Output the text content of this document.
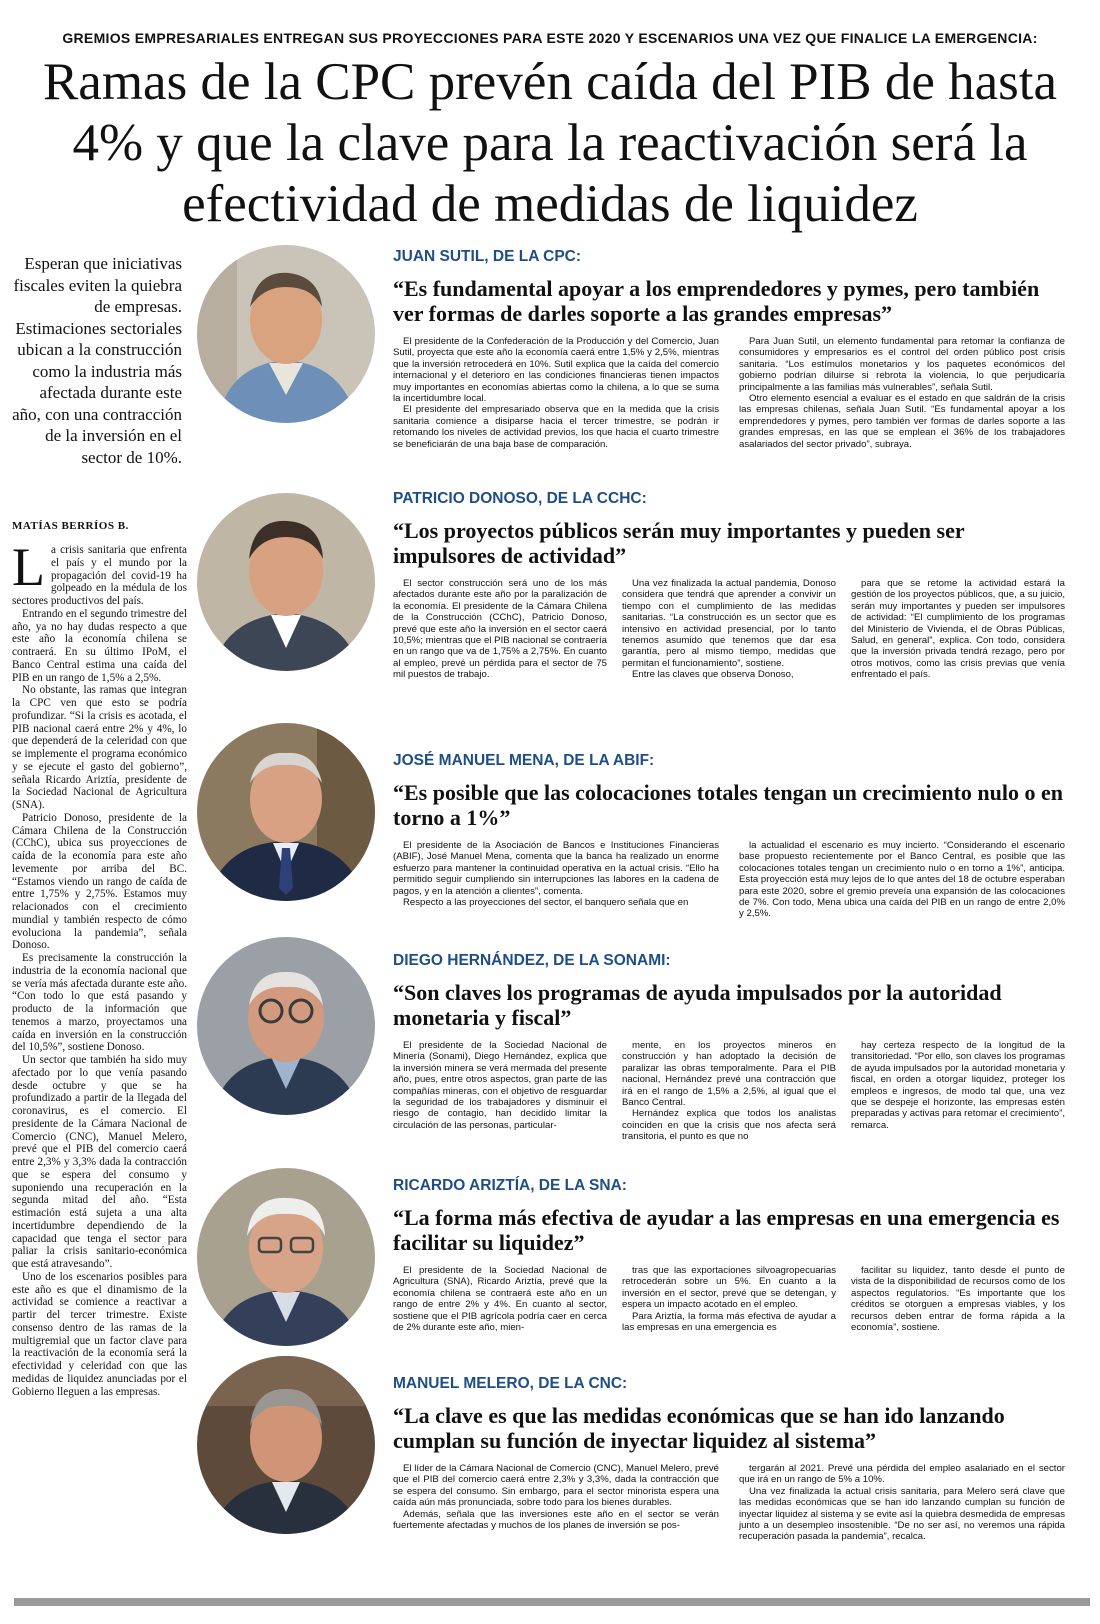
GREMIOS EMPRESARIALES ENTREGAN SUS PROYECCIONES PARA ESTE 2020 Y ESCENARIOS UNA VEZ QUE FINALICE LA EMERGENCIA:
Ramas de la CPC prevén caída del PIB de hasta 4% y que la clave para la reactivación será la efectividad de medidas de liquidez

Esperan que iniciativas fiscales eviten la quiebra de empresas. Estimaciones sectoriales ubican a la construcción como la industria más afectada durante este año, con una contracción de la inversión en el sector de 10%.

MATÍAS BERRÍOS B.

La crisis sanitaria que enfrenta el país y el mundo por la propagación del covid-19 ha golpeado en la médula de los sectores productivos del país.

Entrando en el segundo trimestre del año, ya no hay dudas respecto a que este año la economía chilena se contraerá. En su último IPoM, el Banco Central estima una caída del PIB en un rango de 1,5% a 2,5%.

No obstante, las ramas que integran la CPC ven que esto se podría profundizar. “Si la crisis es acotada, el PIB nacional caerá entre 2% y 4%, lo que dependerá de la celeridad con que se implemente el programa económico y se ejecute el gasto del gobierno”, señala Ricardo Ariztía, presidente de la Sociedad Nacional de Agricultura (SNA).

Patricio Donoso, presidente de la Cámara Chilena de la Construcción (CChC), ubica sus proyecciones de caída de la economía para este año levemente por arriba del BC. “Estamos viendo un rango de caída de entre 1,75% y 2,75%. Estamos muy relacionados con el crecimiento mundial y también respecto de cómo evoluciona la pandemia”, señala Donoso.

Es precisamente la construcción la industria de la economía nacional que se vería más afectada durante este año. “Con todo lo que está pasando y producto de la información que tenemos a marzo, proyectamos una caída en inversión en la construcción del 10,5%”, sostiene Donoso.

Un sector que también ha sido muy afectado por lo que venía pasando desde octubre y que se ha profundizado a partir de la llegada del coronavirus, es el comercio. El presidente de la Cámara Nacional de Comercio (CNC), Manuel Melero, prevé que el PIB del comercio caerá entre 2,3% y 3,3% dada la contracción que se espera del consumo y suponiendo una recuperación en la segunda mitad del año. “Esta estimación está sujeta a una alta incertidumbre dependiendo de la capacidad que tenga el sector para paliar la crisis sanitario-económica que está atravesando”.

Uno de los escenarios posibles para este año es que el dinamismo de la actividad se comience a reactivar a partir del tercer trimestre. Existe consenso dentro de las ramas de la multigremial que un factor clave para la reactivación de la economía será la efectividad y celeridad con que las medidas de liquidez anunciadas por el Gobierno lleguen a las empresas.

JUAN SUTIL, DE LA CPC:
“Es fundamental apoyar a los emprendedores y pymes, pero también ver formas de darles soporte a las grandes empresas”

El presidente de la Confederación de la Producción y del Comercio, Juan Sutil, proyecta que este año la economía caerá entre 1,5% y 2,5%, mientras que la inversión retrocederá en 10%. Sutil explica que la caída del comercio internacional y el deterioro en las condiciones financieras tienen impactos muy importantes en economías abiertas como la chilena, a lo que se suma la incertidumbre local.

El presidente del empresariado observa que en la medida que la crisis sanitaria comience a disiparse hacia el tercer trimestre, se podrán ir retomando los niveles de actividad previos, los que hacia el cuarto trimestre se beneficiarán de una baja base de comparación.

Para Juan Sutil, un elemento fundamental para retomar la confianza de consumidores y empresarios es el control del orden público post crisis sanitaria. “Los estímulos monetarios y los paquetes económicos del gobierno podrían diluirse si rebrota la violencia, lo que perjudicaría principalmente a las familias más vulnerables”, señala Sutil.

Otro elemento esencial a evaluar es el estado en que saldrán de la crisis las empresas chilenas, señala Juan Sutil. “Es fundamental apoyar a los emprendedores y pymes, pero también ver formas de darles soporte a las grandes empresas, en las que se emplean el 36% de los trabajadores asalariados del sector privado”, subraya.

PATRICIO DONOSO, DE LA CCHC:
“Los proyectos públicos serán muy importantes y pueden ser impulsores de actividad”

El sector construcción será uno de los más afectados durante este año por la paralización de la economía. El presidente de la Cámara Chilena de la Construcción (CChC), Patricio Donoso, prevé que este año la inversión en el sector caerá 10,5%; mientras que el PIB nacional se contraería en un rango que va de 1,75% a 2,75%. En cuanto al empleo, prevé un pérdida para el sector de 75 mil puestos de trabajo.

Una vez finalizada la actual pandemia, Donoso considera que tendrá que aprender a convivir un tiempo con el cumplimiento de las medidas sanitarias. “La construcción es un sector que es intensivo en actividad presencial, por lo tanto tenemos asumido que tenemos que dar esa garantía, pero al mismo tiempo, medidas que permitan el funcionamiento”, sostiene.

Entre las claves que observa Donoso,

para que se retome la actividad estará la gestión de los proyectos públicos, que, a su juicio, serán muy importantes y pueden ser impulsores de actividad: “El cumplimiento de los programas del Ministerio de Vivienda, el de Obras Públicas, Salud, en general”, explica. Con todo, considera que la inversión privada tendrá rezago, pero por otros motivos, como las crisis previas que venía enfrentado el país.

JOSÉ MANUEL MENA, DE LA ABIF:
“Es posible que las colocaciones totales tengan un crecimiento nulo o en torno a 1%”

El presidente de la Asociación de Bancos e Instituciones Financieras (ABIF), José Manuel Mena, comenta que la banca ha realizado un enorme esfuerzo para mantener la continuidad operativa en la actual crisis. “Ello ha permitido seguir cumpliendo sin interrupciones las labores en la cadena de pagos, y en la atención a clientes”, comenta.

Respecto a las proyecciones del sector, el banquero señala que en

la actualidad el escenario es muy incierto. “Considerando el escenario base propuesto recientemente por el Banco Central, es posible que las colocaciones totales tengan un crecimiento nulo o en torno a 1%”, anticipa. Esta proyección está muy lejos de lo que antes del 18 de octubre esperaban para este 2020, sobre el gremio preveía una expansión de las colocaciones de 7%. Con todo, Mena ubica una caída del PIB en un rango de entre 2,0% y 2,5%.

DIEGO HERNÁNDEZ, DE LA SONAMI:
“Son claves los programas de ayuda impulsados por la autoridad monetaria y fiscal”

El presidente de la Sociedad Nacional de Minería (Sonami), Diego Hernández, explica que la inversión minera se verá mermada del presente año, pues, entre otros aspectos, gran parte de las compañías mineras, con el objetivo de resguardar la seguridad de los trabajadores y disminuir el riesgo de contagio, han decidido limitar la circulación de las personas, particular-

mente, en los proyectos mineros en construcción y han adoptado la decisión de paralizar las obras temporalmente. Para el PIB nacional, Hernández prevé una contracción que irá en el rango de 1,5% a 2,5%, al igual que el Banco Central.

Hernández explica que todos los analistas coinciden en que la crisis que nos afecta será transitoria, el punto es que no

hay certeza respecto de la longitud de la transitoriedad. “Por ello, son claves los programas de ayuda impulsados por la autoridad monetaria y fiscal, en orden a otorgar liquidez, proteger los empleos e ingresos, de modo tal que, una vez que se despeje el horizonte, las empresas estén preparadas y activas para retomar el crecimiento”, remarca.

RICARDO ARIZTÍA, DE LA SNA:
“La forma más efectiva de ayudar a las empresas en una emergencia es facilitar su liquidez”

El presidente de la Sociedad Nacional de Agricultura (SNA), Ricardo Ariztía, prevé que la economía chilena se contraerá este año en un rango de entre 2% y 4%. En cuanto al sector, sostiene que el PIB agrícola podría caer en cerca de 2% durante este año, mien-

tras que las exportaciones silvoagropecuarias retrocederán sobre un 5%. En cuanto a la inversión en el sector, prevé que se detengan, y espera un impacto acotado en el empleo.

Para Ariztía, la forma más efectiva de ayudar a las empresas en una emergencia es

facilitar su liquidez, tanto desde el punto de vista de la disponibilidad de recursos como de los aspectos regulatorios. “Es importante que los créditos se otorguen a empresas viables, y los recursos deben entrar de forma rápida a la economía”, sostiene.

MANUEL MELERO, DE LA CNC:
“La clave es que las medidas económicas que se han ido lanzando cumplan su función de inyectar liquidez al sistema”

El líder de la Cámara Nacional de Comercio (CNC), Manuel Melero, prevé que el PIB del comercio caerá entre 2,3% y 3,3%, dada la contracción que se espera del consumo. Sin embargo, para el sector minorista espera una caída aún más pronunciada, sobre todo para los bienes durables.

Además, señala que las inversiones este año en el sector se verán fuertemente afectadas y muchos de los planes de inversión se pos-

tergarán al 2021. Prevé una pérdida del empleo asalariado en el sector que irá en un rango de 5% a 10%.

Una vez finalizada la actual crisis sanitaria, para Melero será clave que las medidas económicas que se han ido lanzando cumplan su función de inyectar liquidez al sistema y se evite así la quiebra desmedida de empresas junto a un desempleo insostenible. “De no ser así, no veremos una rápida recuperación pasada la pandemia”, recalca.
